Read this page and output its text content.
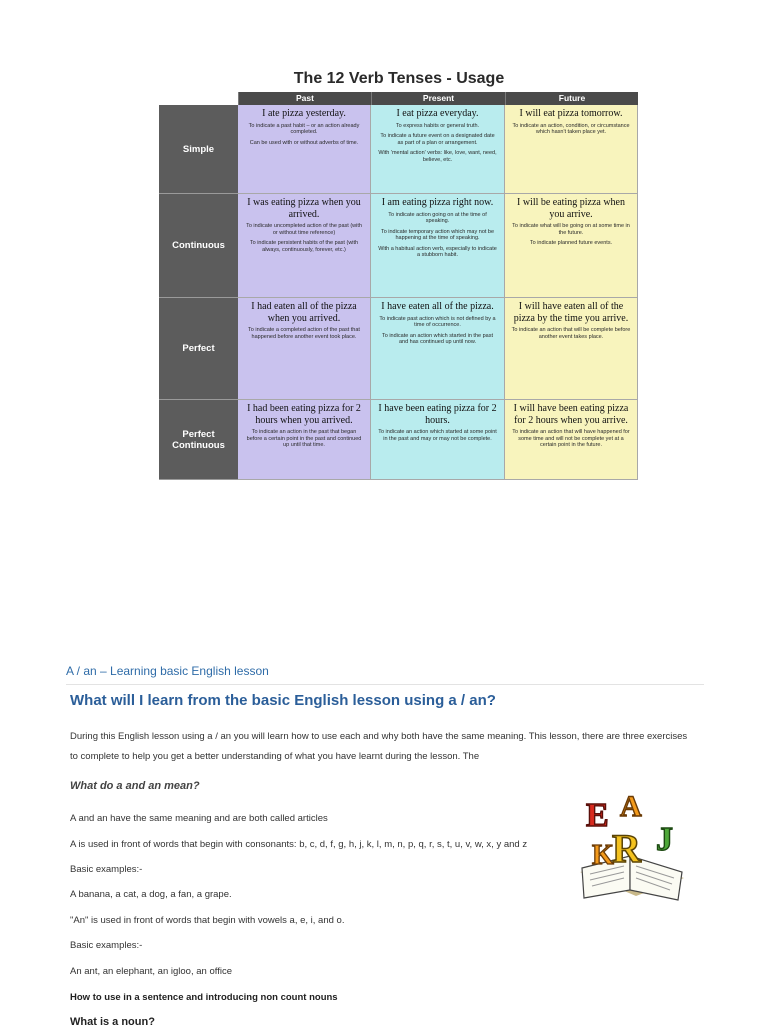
The 12 Verb Tenses - Usage
Past	Present	Future
Simple

I ate pizza yesterday.

To indicate a past habit – or an action already completed.

Can be used with or without adverbs of time.

I eat pizza everyday.

To express habits or general truth.

To indicate a future event on a designated date as part of a plan or arrangement.

With 'mental action' verbs: like, love, want, need, believe, etc.

I will eat pizza tomorrow.

To indicate an action, condition, or circumstance which hasn't taken place yet.

Continuous

I was eating pizza when you arrived.

To indicate uncompleted action of the past (with or without time reference)

To indicate persistent habits of the past (with always, continuously, forever, etc.)

I am eating pizza right now.

To indicate action going on at the time of speaking.

To indicate temporary action which may not be happening at the time of speaking.

With a habitual action verb, especially to indicate a stubborn habit.

I will be eating pizza when you arrive.

To indicate what will be going on at some time in the future.

To indicate planned future events.

Perfect

I had eaten all of the pizza when you arrived.

To indicate a completed action of the past that happened before another event took place.

I have eaten all of the pizza.

To indicate past action which is not defined by a time of occurrence.

To indicate an action which started in the past and has continued up until now.

I will have eaten all of the pizza by the time you arrive.

To indicate an action that will be complete before another event takes place.

Perfect Continuous

I had been eating pizza for 2 hours when you arrived.

To indicate an action in the past that began before a certain point in the past and continued up until that time.

I have been eating pizza for 2 hours.

To indicate an action which started at some point in the past and may or may not be complete.

I will have been eating pizza for 2 hours when you arrive.

To indicate an action that will have happened for some time and will not be complete yet at a certain point in the future.

A / an – Learning basic English lesson
What will I learn from the basic English lesson using a / an?
During this English lesson using a / an you will learn how to use each and why both have the same meaning. This lesson, there are three exercises to complete to help you get a better understanding of what you have learnt during the lesson. The
What do a and an mean?
A and an have the same meaning and are both called articles
A is used in front of words that begin with consonants: b, c, d, f, g, h, j, k, l, m, n, p, q, r, s, t, u, v, w, x, y and z
Basic examples:-
A banana, a cat, a dog, a fan, a grape.
"An" is used in front of words that begin with vowels a, e, i, and o.
Basic examples:-
An ant, an elephant, an igloo, an office
How to use in a sentence and introducing non count nouns
What is a noun?
E A
R J
K
